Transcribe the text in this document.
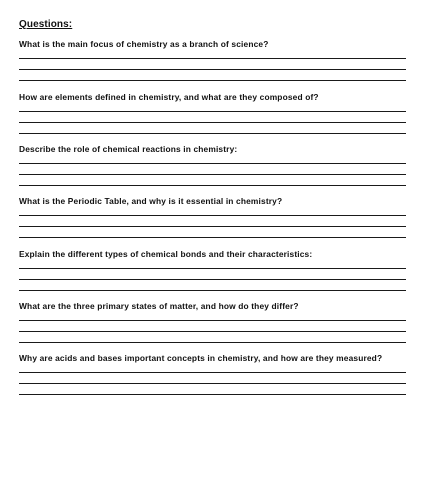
Questions:
What is the main focus of chemistry as a branch of science?
How are elements defined in chemistry, and what are they composed of?
Describe the role of chemical reactions in chemistry:
What is the Periodic Table, and why is it essential in chemistry?
Explain the different types of chemical bonds and their characteristics:
What are the three primary states of matter, and how do they differ?
Why are acids and bases important concepts in chemistry, and how are they measured?
